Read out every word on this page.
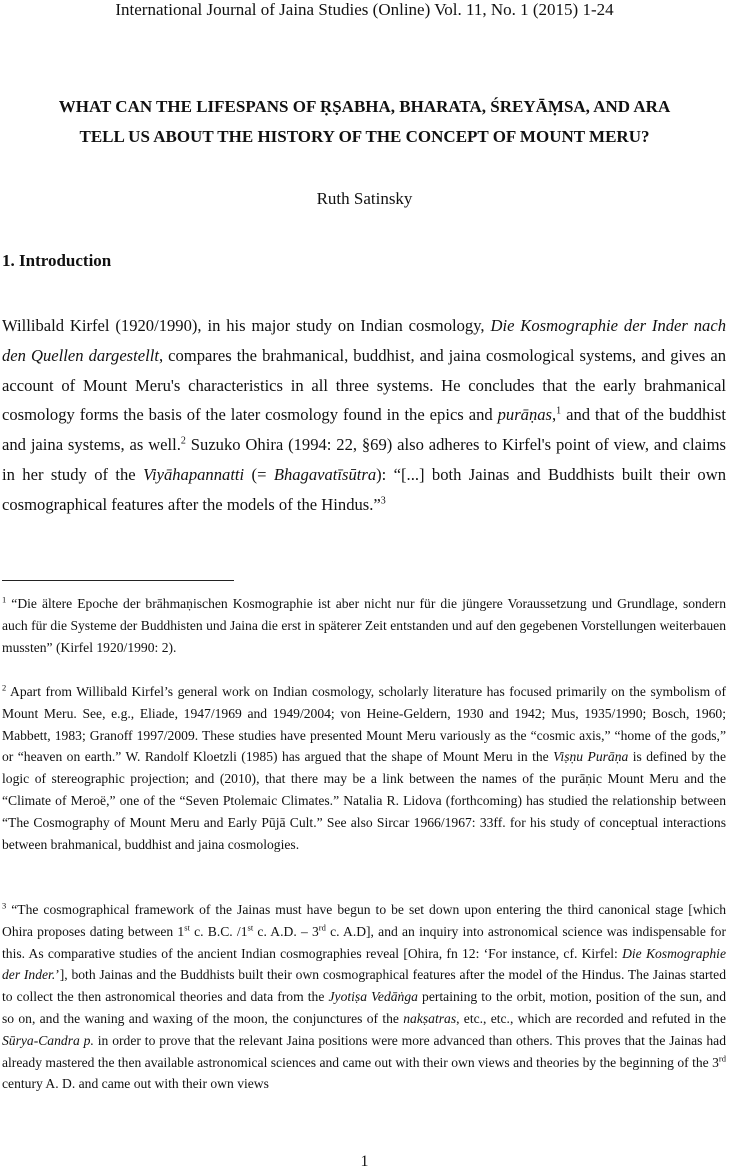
International Journal of Jaina Studies (Online) Vol. 11, No. 1 (2015) 1-24
WHAT CAN THE LIFESPANS OF ṚṢABHA, BHARATA, ŚREYĀṂSA, AND ARA
TELL US ABOUT THE HISTORY OF THE CONCEPT OF MOUNT MERU?
Ruth Satinsky
1. Introduction

Willibald Kirfel (1920/1990), in his major study on Indian cosmology, Die Kosmographie der Inder nach den Quellen dargestellt, compares the brahmanical, buddhist, and jaina cosmological systems, and gives an account of Mount Meru's characteristics in all three systems. He concludes that the early brahmanical cosmology forms the basis of the later cosmology found in the epics and purāṇas,$^1$ and that of the buddhist and jaina systems, as well.$^2$ Suzuko Ohira (1994: 22, §69) also adheres to Kirfel's point of view, and claims in her study of the Viyāhapannatti (= Bhagavatīsūtra): “[...] both Jainas and Buddhists built their own cosmographical features after the models of the Hindus.”$^3$

$^1$ “Die ältere Epoche der brāhmaṇischen Kosmographie ist aber nicht nur für die jüngere Voraussetzung und Grundlage, sondern auch für die Systeme der Buddhisten und Jaina die erst in späterer Zeit entstanden und auf den gegebenen Vorstellungen weiterbauen mussten” (Kirfel 1920/1990: 2).

$^2$ Apart from Willibald Kirfel’s general work on Indian cosmology, scholarly literature has focused primarily on the symbolism of Mount Meru. See, e.g., Eliade, 1947/1969 and 1949/2004; von Heine-Geldern, 1930 and 1942; Mus, 1935/1990; Bosch, 1960; Mabbett, 1983; Granoff 1997/2009. These studies have presented Mount Meru variously as the “cosmic axis,” “home of the gods,” or “heaven on earth.” W. Randolf Kloetzli (1985) has argued that the shape of Mount Meru in the Viṣṇu Purāṇa is defined by the logic of stereographic projection; and (2010), that there may be a link between the names of the purāṇic Mount Meru and the “Climate of Meroë,” one of the “Seven Ptolemaic Climates.” Natalia R. Lidova (forthcoming) has studied the relationship between “The Cosmography of Mount Meru and Early Pūjā Cult.” See also Sircar 1966/1967: 33ff. for his study of conceptual interactions between brahmanical, buddhist and jaina cosmologies.

$^3$ “The cosmographical framework of the Jainas must have begun to be set down upon entering the third canonical stage [which Ohira proposes dating between 1st c. B.C. /1st c. A.D. – 3rd c. A.D], and an inquiry into astronomical science was indispensable for this. As comparative studies of the ancient Indian cosmographies reveal [Ohira, fn 12: ‘For instance, cf. Kirfel: Die Kosmographie der Inder.’], both Jainas and the Buddhists built their own cosmographical features after the model of the Hindus. The Jainas started to collect the then astronomical theories and data from the Jyotiṣa Vedāṅga pertaining to the orbit, motion, position of the sun, and so on, and the waning and waxing of the moon, the conjunctures of the nakṣatras, etc., etc., which are recorded and refuted in the Sūrya-Candra p. in order to prove that the relevant Jaina positions were more advanced than others. This proves that the Jainas had already mastered the then available astronomical sciences and came out with their own views and theories by the beginning of the 3rd century A. D. and came out with their own views

1
